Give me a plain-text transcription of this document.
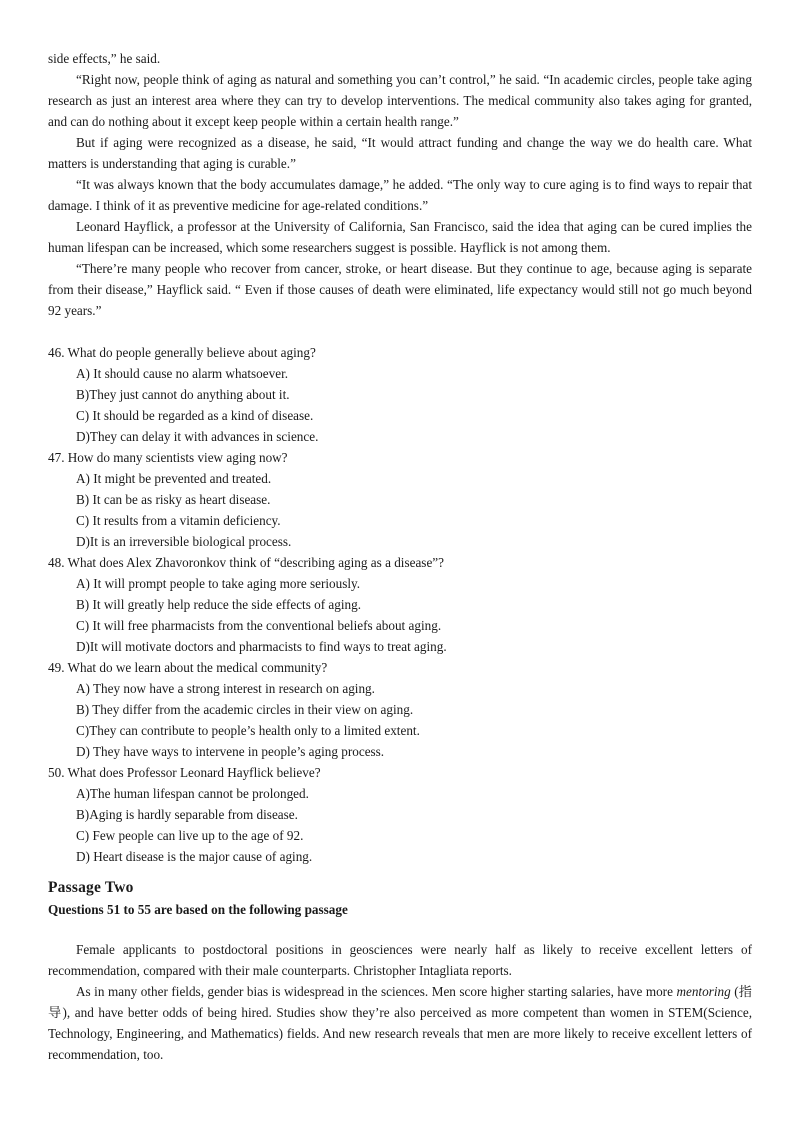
side effects,” he said.

“Right now, people think of aging as natural and something you can’t control,” he said. “In academic circles, people take aging research as just an interest area where they can try to develop interventions. The medical community also takes aging for granted, and can do nothing about it except keep people within a certain health range.”

But if aging were recognized as a disease, he said, “It would attract funding and change the way we do health care. What matters is understanding that aging is curable.”

“It was always known that the body accumulates damage,” he added. “The only way to cure aging is to find ways to repair that damage. I think of it as preventive medicine for age-related conditions.”

Leonard Hayflick, a professor at the University of California, San Francisco, said the idea that aging can be cured implies the human lifespan can be increased, which some researchers suggest is possible. Hayflick is not among them.

“There’re many people who recover from cancer, stroke, or heart disease. But they continue to age, because aging is separate from their disease,” Hayflick said. “ Even if those causes of death were eliminated, life expectancy would still not go much beyond 92 years.”

46. What do people generally believe about aging?

A) It should cause no alarm whatsoever.

B)They just cannot do anything about it.

C) It should be regarded as a kind of disease.

D)They can delay it with advances in science.

47. How do many scientists view aging now?

A) It might be prevented and treated.

B) It can be as risky as heart disease.

C) It results from a vitamin deficiency.

D)It is an irreversible biological process.

48. What does Alex Zhavoronkov think of “describing aging as a disease”?

A) It will prompt people to take aging more seriously.

B) It will greatly help reduce the side effects of aging.

C) It will free pharmacists from the conventional beliefs about aging.

D)It will motivate doctors and pharmacists to find ways to treat aging.

49. What do we learn about the medical community?

A) They now have a strong interest in research on aging.

B) They differ from the academic circles in their view on aging.

C)They can contribute to people’s health only to a limited extent.

D) They have ways to intervene in people’s aging process.

50. What does Professor Leonard Hayflick believe?

A)The human lifespan cannot be prolonged.

B)Aging is hardly separable from disease.

C) Few people can live up to the age of 92.

D) Heart disease is the major cause of aging.

Passage Two

Questions 51 to 55 are based on the following passage

Female applicants to postdoctoral positions in geosciences were nearly half as likely to receive excellent letters of recommendation, compared with their male counterparts. Christopher Intagliata reports.

As in many other fields, gender bias is widespread in the sciences. Men score higher starting salaries, have more mentoring (指导), and have better odds of being hired. Studies show they’re also perceived as more competent than women in STEM(Science, Technology, Engineering, and Mathematics) fields. And new research reveals that men are more likely to receive excellent letters of recommendation, too.
